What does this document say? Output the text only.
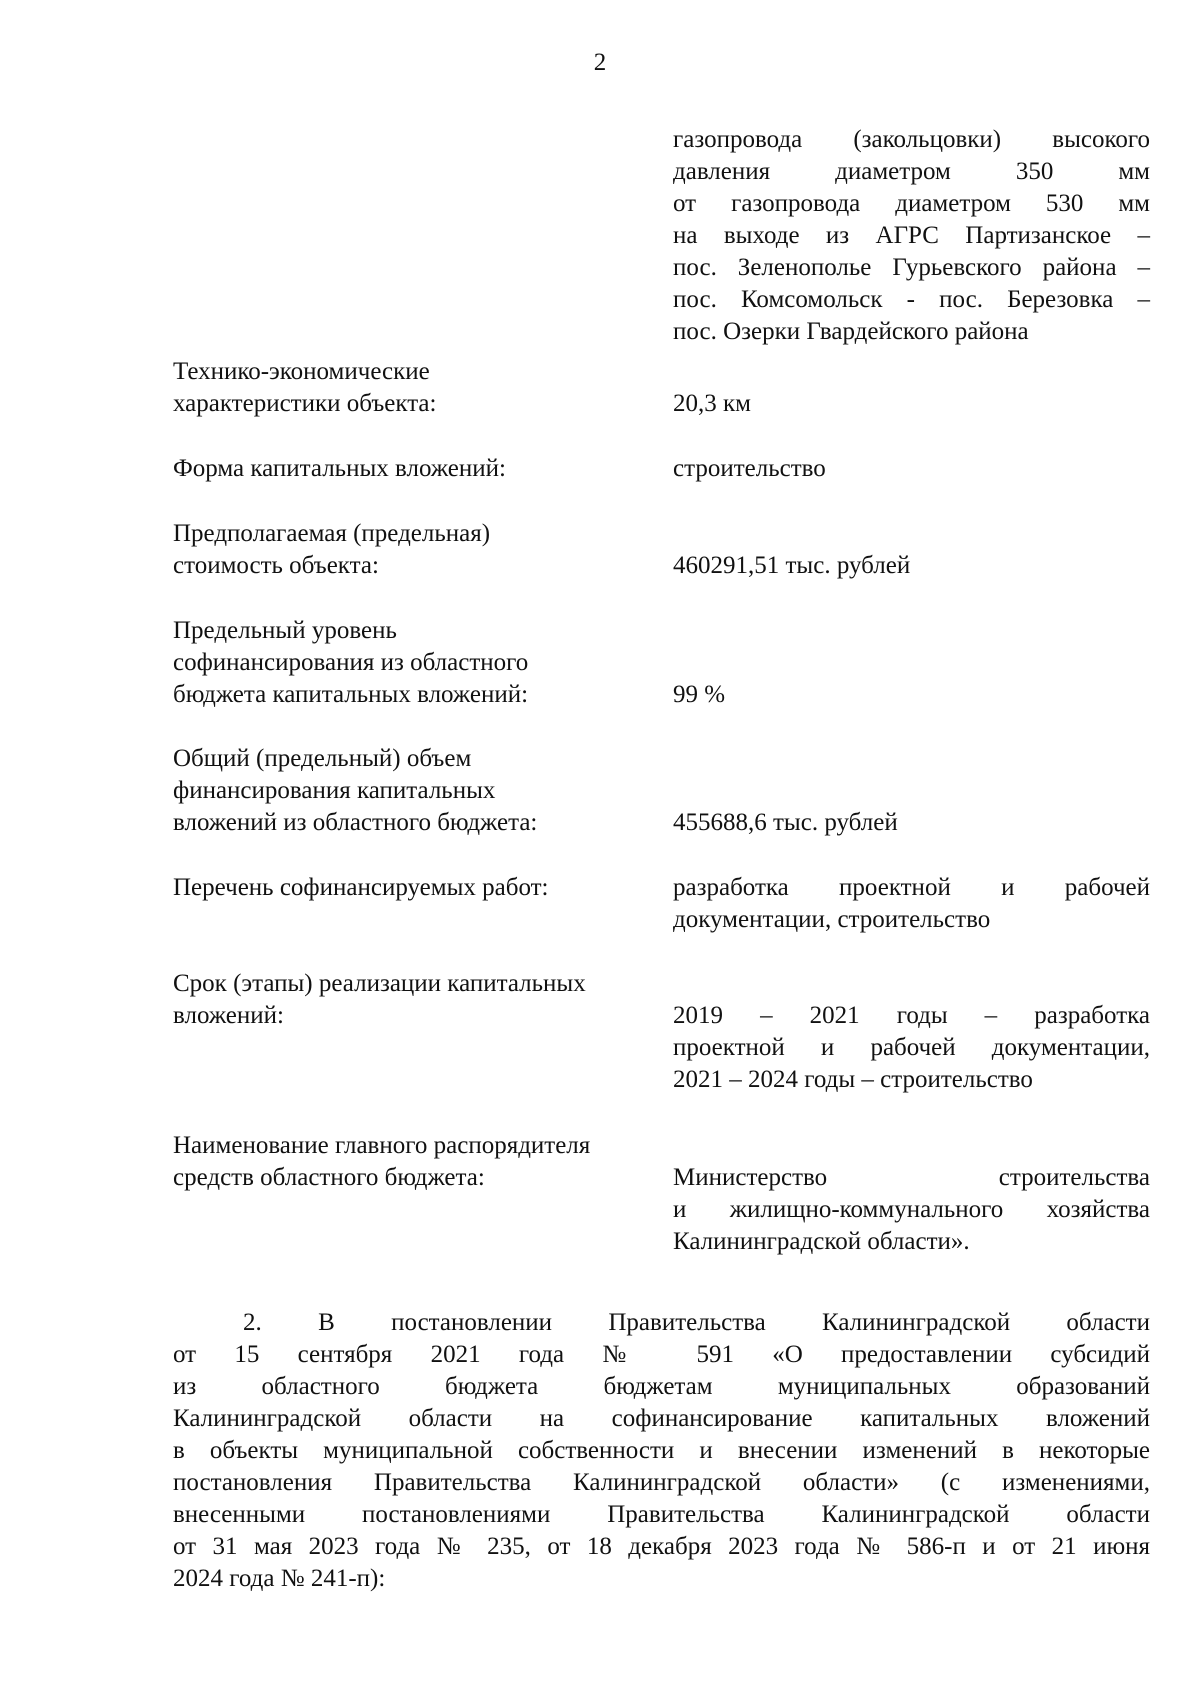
2
газопровода (закольцовки) высокого
давления диаметром 350 мм
от газопровода диаметром 530 мм
на выходе из АГРС Партизанское –
пос. Зеленополье Гурьевского района –
пос. Комсомольск - пос. Березовка –
пос. Озерки Гвардейского района
Технико-экономические
характеристики объекта:	20,3 км
Форма капитальных вложений:	строительство
Предполагаемая (предельная)
стоимость объекта:	460291,51 тыс. рублей
Предельный уровень
софинансирования из областного
бюджета капитальных вложений:	99 %
Общий (предельный) объем
финансирования капитальных
вложений из областного бюджета:	455688,6 тыс. рублей
Перечень софинансируемых работ:	разработка проектной и рабочей
документации, строительство
Срок (этапы) реализации капитальных
вложений:	2019 – 2021 годы – разработка
проектной и рабочей документации,
2021 – 2024 годы – строительство
Наименование главного распорядителя
средств областного бюджета:	Министерство строительства
и жилищно-коммунального хозяйства
Калининградской области».
2. В постановлении Правительства Калининградской области
от 15 сентября 2021 года № 591 «О предоставлении субсидий
из областного бюджета бюджетам муниципальных образований
Калининградской области на софинансирование капитальных вложений
в объекты муниципальной собственности и внесении изменений в некоторые
постановления Правительства Калининградской области» (с изменениями,
внесенными постановлениями Правительства Калининградской области
от 31 мая 2023 года № 235, от 18 декабря 2023 года № 586-п и от 21 июня
2024 года № 241-п):
